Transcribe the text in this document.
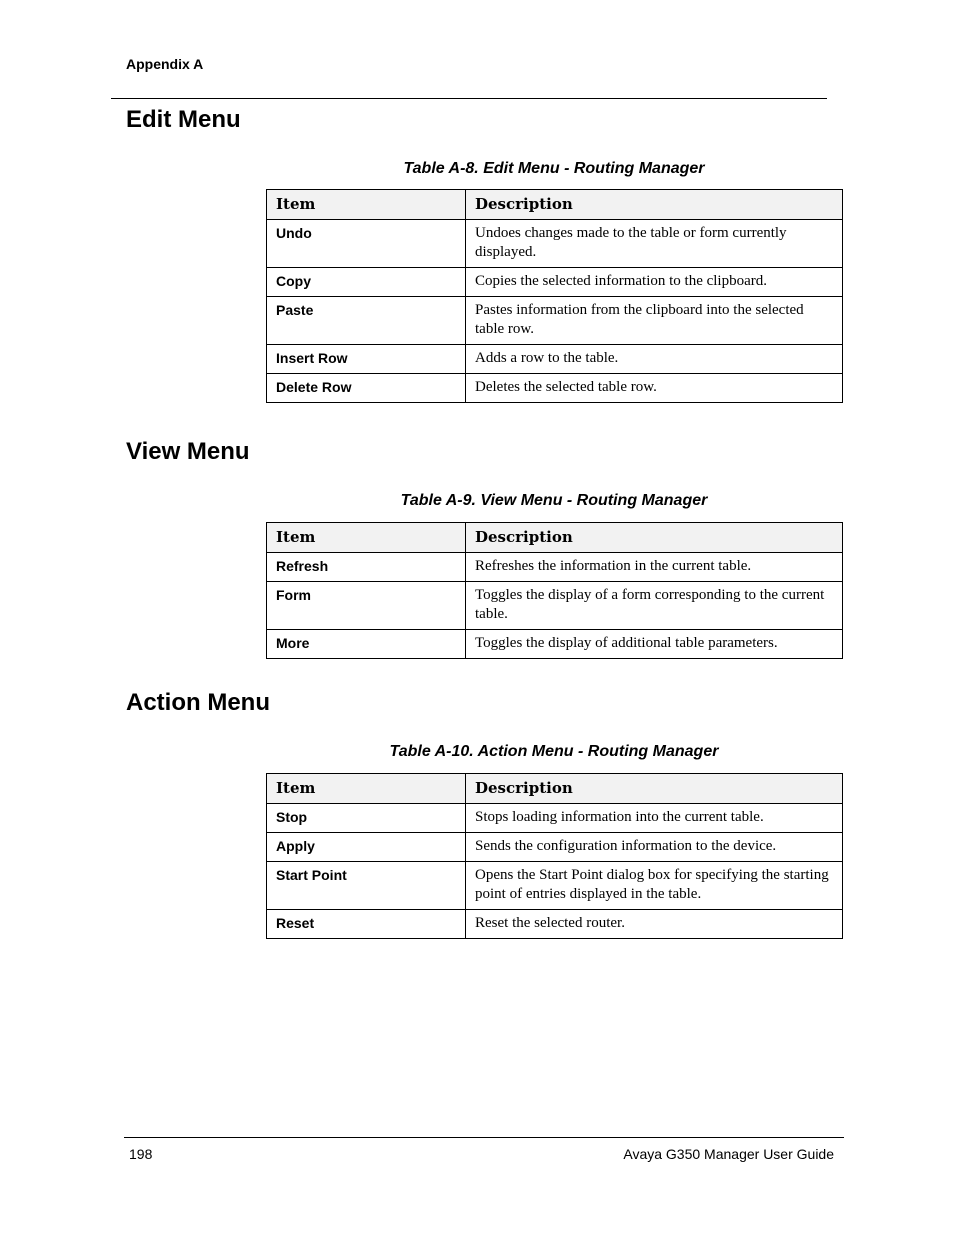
Appendix A
Edit Menu
Table A-8. Edit Menu - Routing Manager
Item	Description
Undo	Undoes changes made to the table or form currently displayed.
Copy	Copies the selected information to the clipboard.
Paste	Pastes information from the clipboard into the selected table row.
Insert Row	Adds a row to the table.
Delete Row	Deletes the selected table row.
View Menu
Table A-9. View Menu - Routing Manager
Item	Description
Refresh	Refreshes the information in the current table.
Form	Toggles the display of a form corresponding to the current table.
More	Toggles the display of additional table parameters.
Action Menu
Table A-10. Action Menu - Routing Manager
Item	Description
Stop	Stops loading information into the current table.
Apply	Sends the configuration information to the device.
Start Point	Opens the Start Point dialog box for specifying the starting point of entries displayed in the table.
Reset	Reset the selected router.
198	Avaya G350 Manager User Guide
